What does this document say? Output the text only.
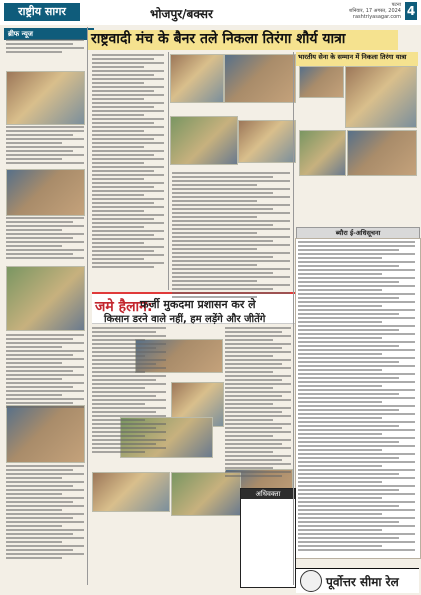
राष्ट्रीय सागर	भोजपुर/बक्सर
पटना
शनिवार, 17 अगस्त, 2024
rashtriyasagar.com 4
ब्रीफ न्यूज	राष्ट्रवादी मंच के बैनर तले निकला तिरंगा शौर्य यात्रा
भारतीय सेना के सम्मान में निकला तिरंगा यात्रा
जमे हैलान:
फर्जी मुकदमा प्रशासन कर ले
किसान डरने वाले नहीं, हम लड़ेंगे और जीतेंगे
ब्यौरा ई-अधिसूचना
अधिवक्ता
पूर्वोत्तर सीमा रेल
